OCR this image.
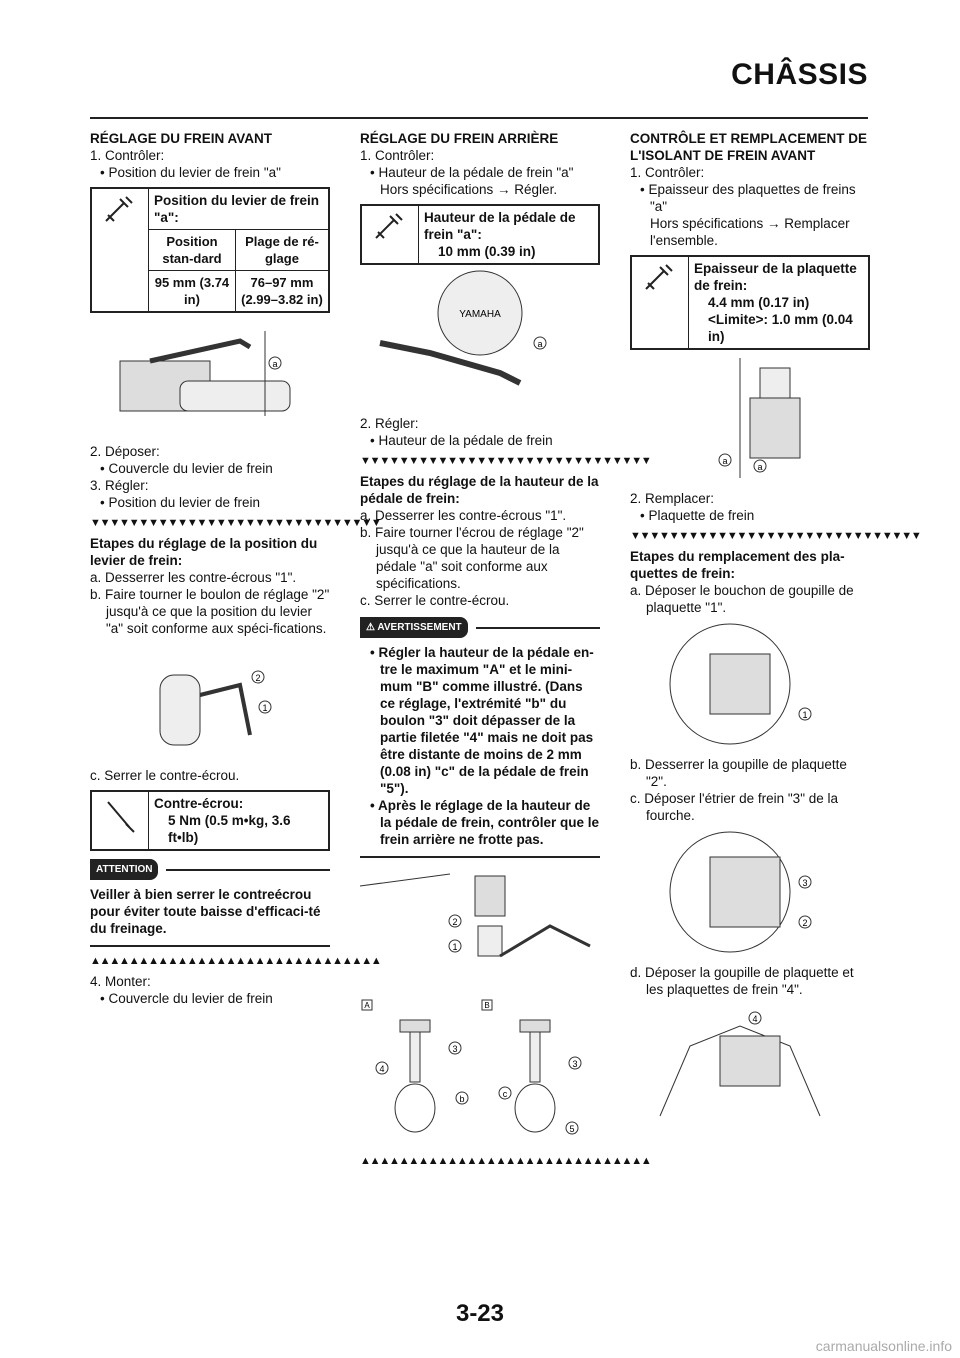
CHÂSSIS

RÉGLAGE DU FREIN AVANT

1. Contrôler:

• Position du levier de frein "a"

Position du levier de frein "a":
Position stan-dard	Plage de ré-glage
95 mm (3.74 in)	76–97 mm (2.99–3.82 in)
a

2. Déposer:

• Couvercle du levier de frein

3. Régler:

• Position du levier de frein

▼▼▼▼▼▼▼▼▼▼▼▼▼▼▼▼▼▼▼▼▼▼▼▼▼▼▼▼▼▼

Etapes du réglage de la position du levier de frein:

a. Desserrer les contre-écrous "1".

b. Faire tourner le boulon de réglage "2" jusqu'à ce que la position du levier "a" soit conforme aux spéci-fications.

2
1

c. Serrer le contre-écrou.

Contre-écrou:
5 Nm (0.5 m•kg, 3.6 ft•lb)
ATTENTION

Veiller à bien serrer le contreécrou pour éviter toute baisse d'efficaci-té du freinage.

▲▲▲▲▲▲▲▲▲▲▲▲▲▲▲▲▲▲▲▲▲▲▲▲▲▲▲▲▲▲

4. Monter:

• Couvercle du levier de frein

RÉGLAGE DU FREIN ARRIÈRE

1. Contrôler:

• Hauteur de la pédale de frein "a"

Hors spécifications → Régler.

Hauteur de la pédale de frein "a":
10 mm (0.39 in)
YAMAHA
a

2. Régler:

• Hauteur de la pédale de frein

▼▼▼▼▼▼▼▼▼▼▼▼▼▼▼▼▼▼▼▼▼▼▼▼▼▼▼▼▼▼

Etapes du réglage de la hauteur de la pédale de frein:

a. Desserrer les contre-écrous "1".

b. Faire tourner l'écrou de réglage "2" jusqu'à ce que la hauteur de la pédale "a" soit conforme aux spécifications.

c. Serrer le contre-écrou.

⚠ AVERTISSEMENT

• Régler la hauteur de la pédale en-tre le maximum "A" et le mini-mum "B" comme illustré. (Dans ce réglage, l'extrémité "b" du boulon "3" doit dépasser de la partie filetée "4" mais ne doit pas être distante de moins de 2 mm (0.08 in) "c" de la pédale de frein "5").

• Après le réglage de la hauteur de la pédale de frein, contrôler que le frein arrière ne frotte pas.

2
1
A	B
3
4
b	c
3
5
▲▲▲▲▲▲▲▲▲▲▲▲▲▲▲▲▲▲▲▲▲▲▲▲▲▲▲▲▲▲

CONTRÔLE ET REMPLACEMENT DE L'ISOLANT DE FREIN AVANT

1. Contrôler:

• Epaisseur des plaquettes de freins "a"

Hors spécifications → Remplacer l'ensemble.

Epaisseur de la plaquette de frein:
4.4 mm (0.17 in)
<Limite>: 1.0 mm (0.04 in)
a
a

2. Remplacer:

• Plaquette de frein

▼▼▼▼▼▼▼▼▼▼▼▼▼▼▼▼▼▼▼▼▼▼▼▼▼▼▼▼▼▼

Etapes du remplacement des pla-quettes de frein:

a. Déposer le bouchon de goupille de plaquette "1".

1

b. Desserrer la goupille de plaquette "2".

c. Déposer l'étrier de frein "3" de la fourche.

3
2

d. Déposer la goupille de plaquette et les plaquettes de frein "4".

4
3-23
carmanualsonline.info
